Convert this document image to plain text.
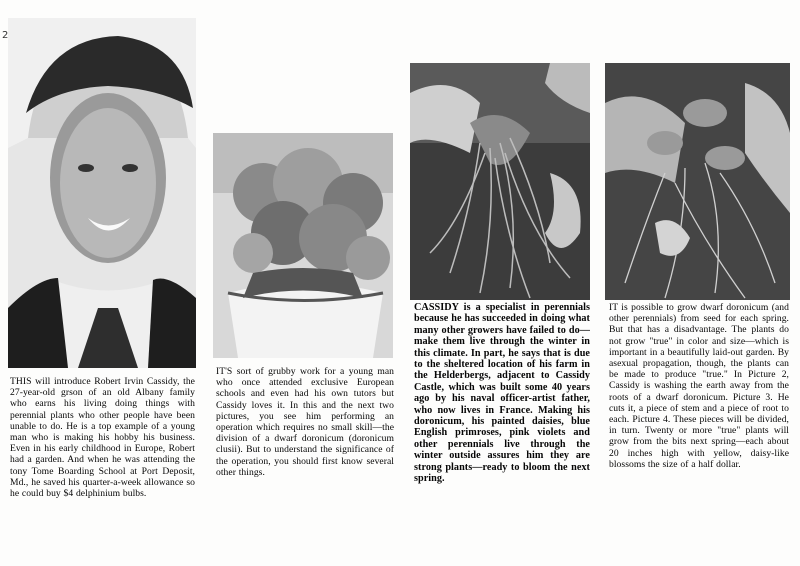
2

THIS will introduce Robert Irvin Cassidy, the 27-year-old grson of an old Albany family who earns his living doing things with perennial plants who other people have been unable to do. He is a top example of a young man who is making his hobby his business. Even in his early childhood in Europe, Robert had a garden. And when he was attending the tony Tome Boarding School at Port Deposit, Md., he saved his quarter-a-week allowance so he could buy $4 delphinium bulbs.

IT'S sort of grubby work for a young man who once attended exclusive European schools and even had his own tutors but Cassidy loves it. In this and the next two pictures, you see him performing an operation which requires no small skill—the division of a dwarf doronicum (doronicum clusii). But to understand the significance of the operation, you should first know several other things.

CASSIDY is a specialist in perennials because he has succeeded in doing what many other growers have failed to do—make them live through the winter in this climate. In part, he says that is due to the sheltered location of his farm in the Helderbergs, adjacent to Cassidy Castle, which was built some 40 years ago by his naval officer-artist father, who now lives in France. Making his doronicum, his painted daisies, blue English primroses, pink violets and other perennials live through the winter outside assures him they are strong plants—ready to bloom the next spring.

IT is possible to grow dwarf doronicum (and other perennials) from seed for each spring. But that has a disadvantage. The plants do not grow "true" in color and size—which is important in a beautifully laid-out garden. By asexual propagation, though, the plants can be made to produce "true." In Picture 2, Cassidy is washing the earth away from the roots of a dwarf doronicum. Picture 3. He cuts it, a piece of stem and a piece of root to each. Picture 4. These pieces will be divided, in turn. Twenty or more "true" plants will grow from the bits next spring—each about 20 inches high with yellow, daisy-like blossoms the size of a half dollar.
